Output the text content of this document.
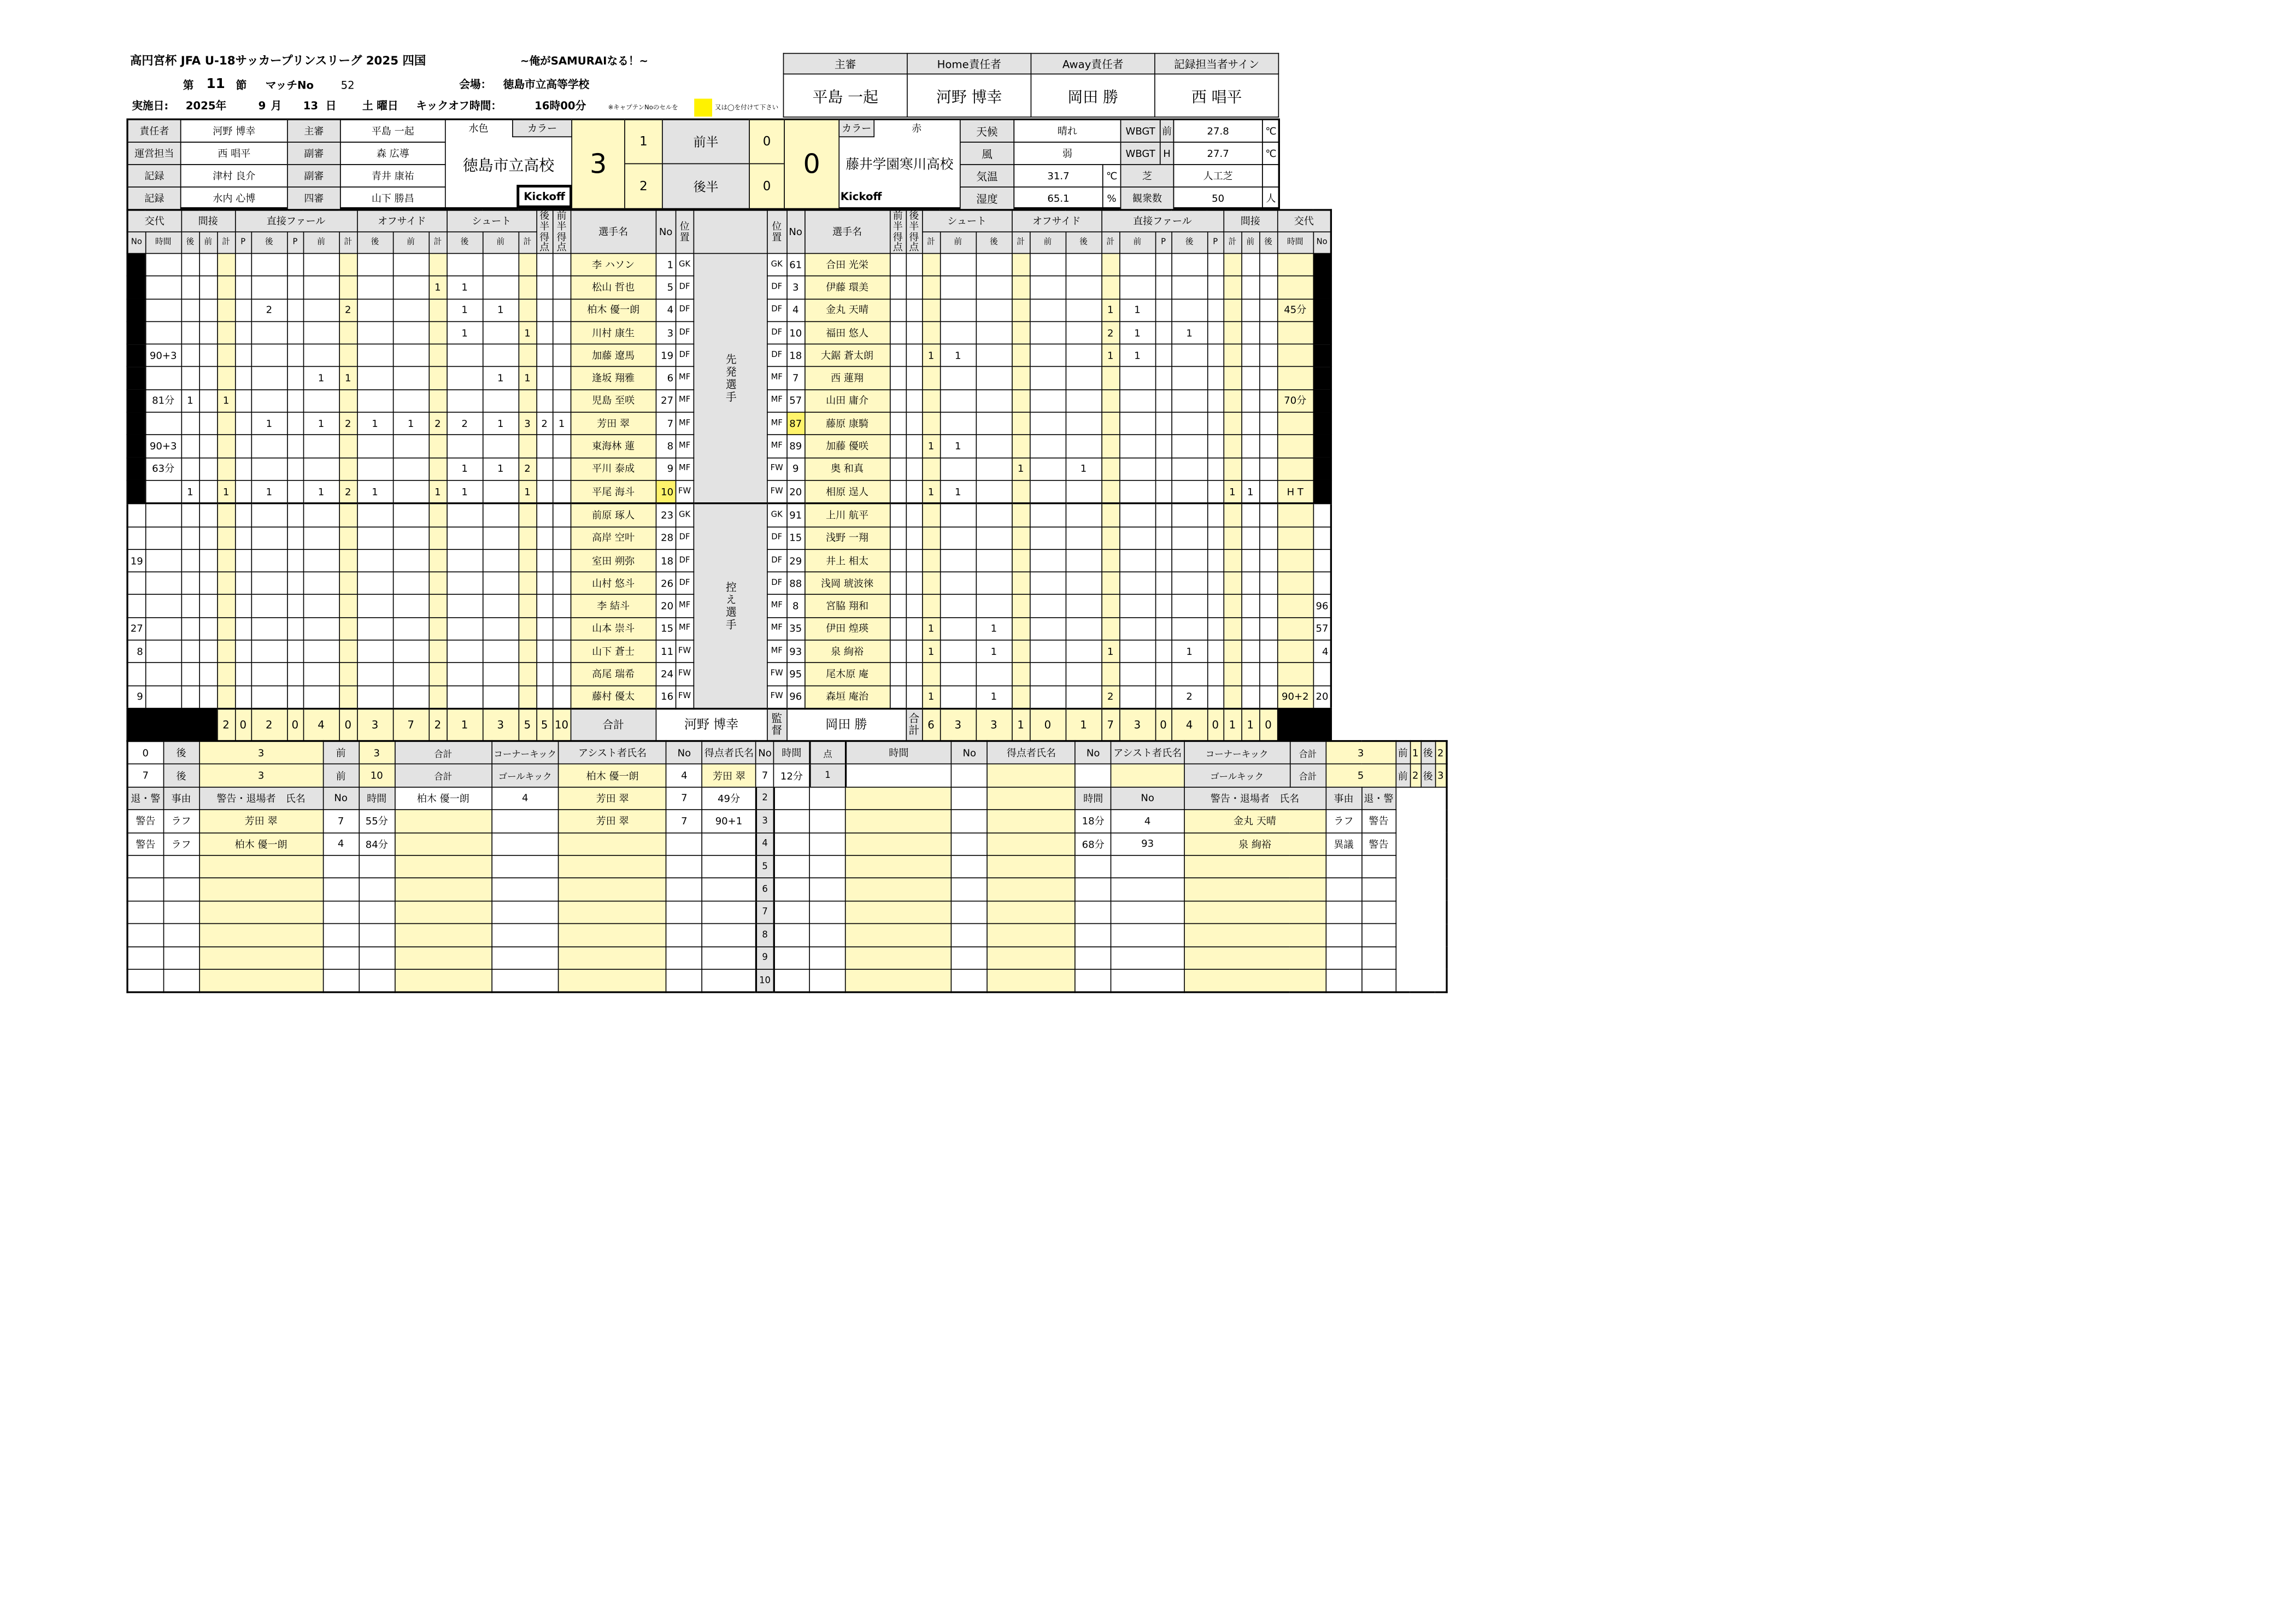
高円宮杯 JFA U-18サッカープリンスリーグ 2025 四国	~俺がSAMURAIなる！~
第 11 節	マッチNo	52	会場： 徳島市立高等学校
実施日:	2025年	9 月	13 日	土 曜日	キックオフ時間：	16時00分	※キャプテンNoのセルを	又は◯を付けて下さい
主審	Home責任者	Away責任者	記録担当者サイン
平島 一起	河野 博幸	岡田 勝	西 唱平
責任者	河野 博幸	主審	平島 一起
運営担当	西 唱平	副審	森 広導
記録	津村 良介	副審	青井 康祐
記録	水内 心博	四審	山下 勝昌
水色	カラー
徳島市立高校
Kickoff
3
1
2
前半
後半
0
0
0
カラー	赤
藤井学園寒川高校
Kickoff
天候	晴れ	WBGT	前	27.8	℃
風	弱	WBGT	H	27.7	℃
気温	31.7	℃	芝	人工芝
湿度	65.1	%	観衆数	50	人
交代		間接			直接ファール					オフサイド			シュート			後半得点	前半得点	選手名	No	位置		位置	No	選手名	前半得点	後半得点	シュート			オフサイド			直接ファール					間接			交代	
No	時間	後	前	計	P	後	P	前	計	後	前	計	後	前	計												計	前	後	計	前	後	計	前	P	後	P	計	前	後	時間	No
																		李 ハソン	1	GK	先発選手	GK	61	合田 光栄																		
												1	1					松山 哲也	5	DF		DF	3	伊藤 環美																		
						2			2				1	1				柏木 優一朗	4	DF		DF	4	金丸 天晴									1	1							45分	
													1		1			川村 康生	3	DF		DF	10	福田 悠人									2	1		1						
	90+3																	加藤 遼馬	19	DF		DF	18	大鋸 蒼太朗			1	1					1	1								
								1	1					1	1			逢坂 翔雅	6	MF		MF	7	西 蓮翔																		
	81分	1		1														児島 至咲	27	MF		MF	57	山田 庸介																	70分	
						1		1	2	1	1	2	2	1	3	2	1	芳田 翠	7	MF		MF	87	藤原 康騎																		
	90+3																	東海林 蓮	8	MF		MF	89	加藤 優咲			1	1														
	63分												1	1	2			平川 泰成	9	MF		FW	9	奥 和真						1		1										
		1		1		1		1	2	1		1	1		1			平尾 海斗	10	FW		FW	20	相原 逞人			1	1										1	1		H T	
																		前原 琢人	23	GK	控え選手	GK	91	上川 航平																		
																		高岸 空叶	28	DF		DF	15	浅野 一翔																		
19																		室田 朔弥	18	DF		DF	29	井上 相太																		
																		山村 悠斗	26	DF		DF	88	浅岡 琥波徠																		
																		李 結斗	20	MF		MF	8	宮脇 翔和																		96
27																		山本 崇斗	15	MF		MF	35	伊田 煌瑛			1		1													57
8																		山下 蒼士	11	FW		MF	93	泉 絢裕			1		1				1			1						4
																		高尾 瑞希	24	FW		FW	95	尾木原 庵																		
9																		藤村 優太	16	FW		FW	96	森垣 庵治			1		1				2			2					90+2	20
				2	0	2	0	4	0	3	7	2	1	3	5	5	10	合計	河野 博幸			監督	岡田 勝			合計	6	3	3	1	0	1	7	3	0	4	0	1	1	0		
0	後	3	前	3	合計	コーナーキック	アシスト者氏名	No	得点者氏名	No	時間	点	時間	No	得点者氏名	No	アシスト者氏名	コーナーキック	合計	3		前	1	後	2
7	後	3	前	10	合計	ゴールキック	柏木 優一朗	4	芳田 翠	7	12分	1						ゴールキック	合計	5		前	2	後	3
退・警	事由	警告・退場者　氏名	No	時間	柏木 優一朗	4	芳田 翠	7	49分	2						時間	No	警告・退場者　氏名		事由	退・警				
警告	ラフ	芳田 翠	7	55分			芳田 翠	7	90+1	3						18分	4	金丸 天晴		ラフ	警告				
警告	ラフ	柏木 優一朗	4	84分						4						68分	93	泉 絢裕		異議	警告				
										5															
										6															
										7															
										8															
										9															
										10															
